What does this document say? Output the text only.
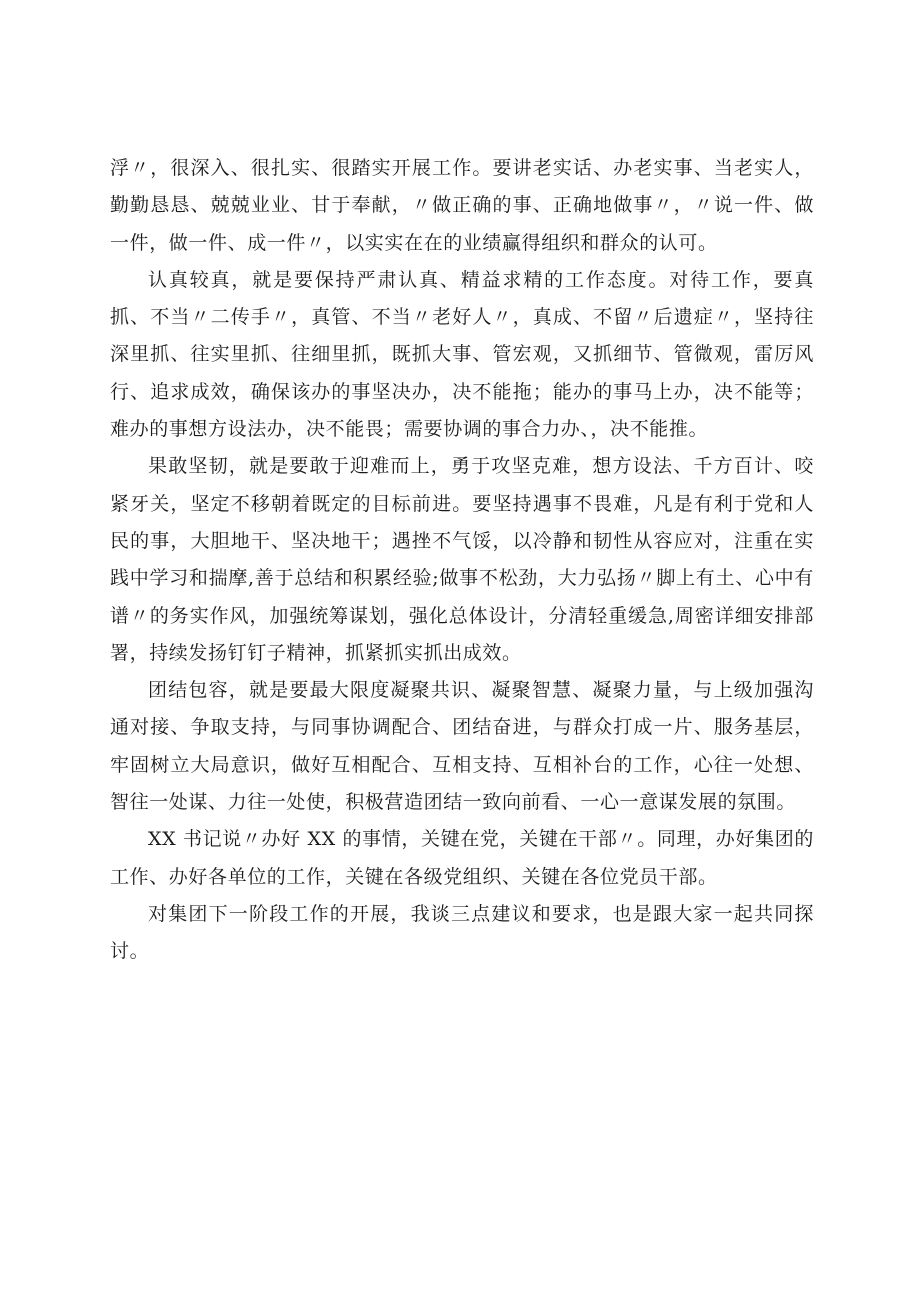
浮〃，很深入、很扎实、很踏实开展工作。要讲老实话、办老实事、当老实人，勤勤恳恳、兢兢业业、甘于奉献，〃做正确的事、正确地做事〃，〃说一件、做一件，做一件、成一件〃，以实实在在的业绩赢得组织和群众的认可。

认真较真，就是要保持严肃认真、精益求精的工作态度。对待工作，要真抓、不当〃二传手〃，真管、不当〃老好人〃，真成、不留〃后遗症〃，坚持往深里抓、往实里抓、往细里抓，既抓大事、管宏观，又抓细节、管微观，雷厉风行、追求成效，确保该办的事坚决办，决不能拖；能办的事马上办，决不能等；难办的事想方设法办，决不能畏；需要协调的事合力办、，决不能推。

果敢坚韧，就是要敢于迎难而上，勇于攻坚克难，想方设法、千方百计、咬紧牙关，坚定不移朝着既定的目标前进。要坚持遇事不畏难，凡是有利于党和人民的事，大胆地干、坚决地干；遇挫不气馁，以冷静和韧性从容应对，注重在实践中学习和揣摩,善于总结和积累经验;做事不松劲，大力弘扬〃脚上有土、心中有谱〃的务实作风，加强统筹谋划，强化总体设计，分清轻重缓急,周密详细安排部署，持续发扬钉钉子精神，抓紧抓实抓出成效。

团结包容，就是要最大限度凝聚共识、凝聚智慧、凝聚力量，与上级加强沟通对接、争取支持，与同事协调配合、团结奋进，与群众打成一片、服务基层，牢固树立大局意识，做好互相配合、互相支持、互相补台的工作，心往一处想、智往一处谋、力往一处使，积极营造团结一致向前看、一心一意谋发展的氛围。

XX 书记说〃办好 XX 的事情，关键在党，关键在干部〃。同理，办好集团的工作、办好各单位的工作，关键在各级党组织、关键在各位党员干部。

对集团下一阶段工作的开展，我谈三点建议和要求，也是跟大家一起共同探讨。
